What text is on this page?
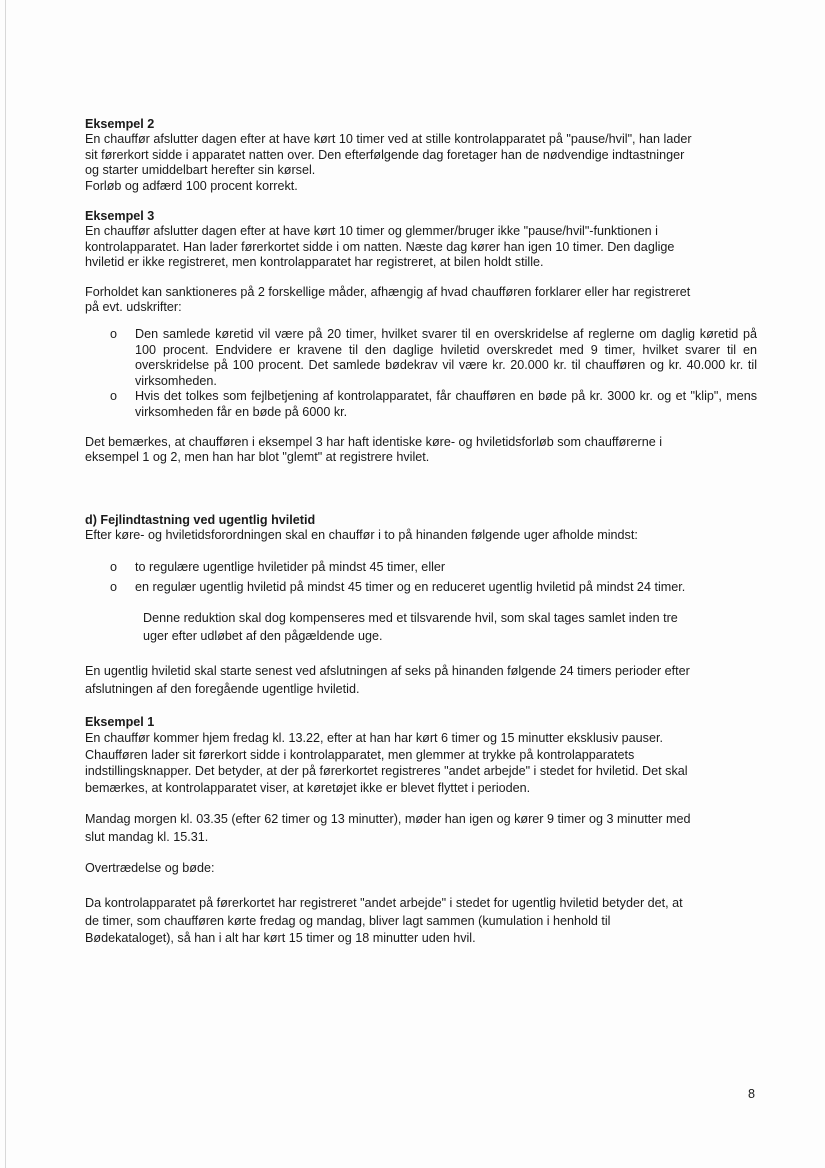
Eksempel 2
En chauffør afslutter dagen efter at have kørt 10 timer ved at stille kontrolapparatet på "pause/hvil", han lader
sit førerkort sidde i apparatet natten over. Den efterfølgende dag foretager han de nødvendige indtastninger
og starter umiddelbart herefter sin kørsel.
Forløb og adfærd 100 procent korrekt.
Eksempel 3
En chauffør afslutter dagen efter at have kørt 10 timer og glemmer/bruger ikke "pause/hvil"-funktionen i
kontrolapparatet. Han lader førerkortet sidde i om natten. Næste dag kører han igen 10 timer. Den daglige
hviletid er ikke registreret, men kontrolapparatet har registreret, at bilen holdt stille.
Forholdet kan sanktioneres på 2 forskellige måder, afhængig af hvad chaufføren forklarer eller har registreret
på evt. udskrifter:
o Den samlede køretid vil være på 20 timer, hvilket svarer til en overskridelse af reglerne om daglig køretid på 100 procent. Endvidere er kravene til den daglige hviletid overskredet med 9 timer, hvilket svarer til en overskridelse på 100 procent. Det samlede bødekrav vil være kr. 20.000 kr. til chaufføren og kr. 40.000 kr. til virksomheden.
o Hvis det tolkes som fejlbetjening af kontrolapparatet, får chaufføren en bøde på kr. 3000 kr. og et "klip", mens virksomheden får en bøde på 6000 kr.
Det bemærkes, at chaufføren i eksempel 3 har haft identiske køre- og hviletidsforløb som chaufførerne i
eksempel 1 og 2, men han har blot "glemt" at registrere hvilet.
d) Fejlindtastning ved ugentlig hviletid
Efter køre- og hviletidsforordningen skal en chauffør i to på hinanden følgende uger afholde mindst:
o to regulære ugentlige hviletider på mindst 45 timer, eller
o en regulær ugentlig hviletid på mindst 45 timer og en reduceret ugentlig hviletid på mindst 24 timer.
Denne reduktion skal dog kompenseres med et tilsvarende hvil, som skal tages samlet inden tre
uger efter udløbet af den pågældende uge.
En ugentlig hviletid skal starte senest ved afslutningen af seks på hinanden følgende 24 timers perioder efter
afslutningen af den foregående ugentlige hviletid.
Eksempel 1
En chauffør kommer hjem fredag kl. 13.22, efter at han har kørt 6 timer og 15 minutter eksklusiv pauser.
Chaufføren lader sit førerkort sidde i kontrolapparatet, men glemmer at trykke på kontrolapparatets
indstillingsknapper. Det betyder, at der på førerkortet registreres "andet arbejde" i stedet for hviletid. Det skal
bemærkes, at kontrolapparatet viser, at køretøjet ikke er blevet flyttet i perioden.
Mandag morgen kl. 03.35 (efter 62 timer og 13 minutter), møder han igen og kører 9 timer og 3 minutter med
slut mandag kl. 15.31.
Overtrædelse og bøde:
Da kontrolapparatet på førerkortet har registreret "andet arbejde" i stedet for ugentlig hviletid betyder det, at
de timer, som chaufføren kørte fredag og mandag, bliver lagt sammen (kumulation i henhold til
Bødekataloget), så han i alt har kørt 15 timer og 18 minutter uden hvil.
8
